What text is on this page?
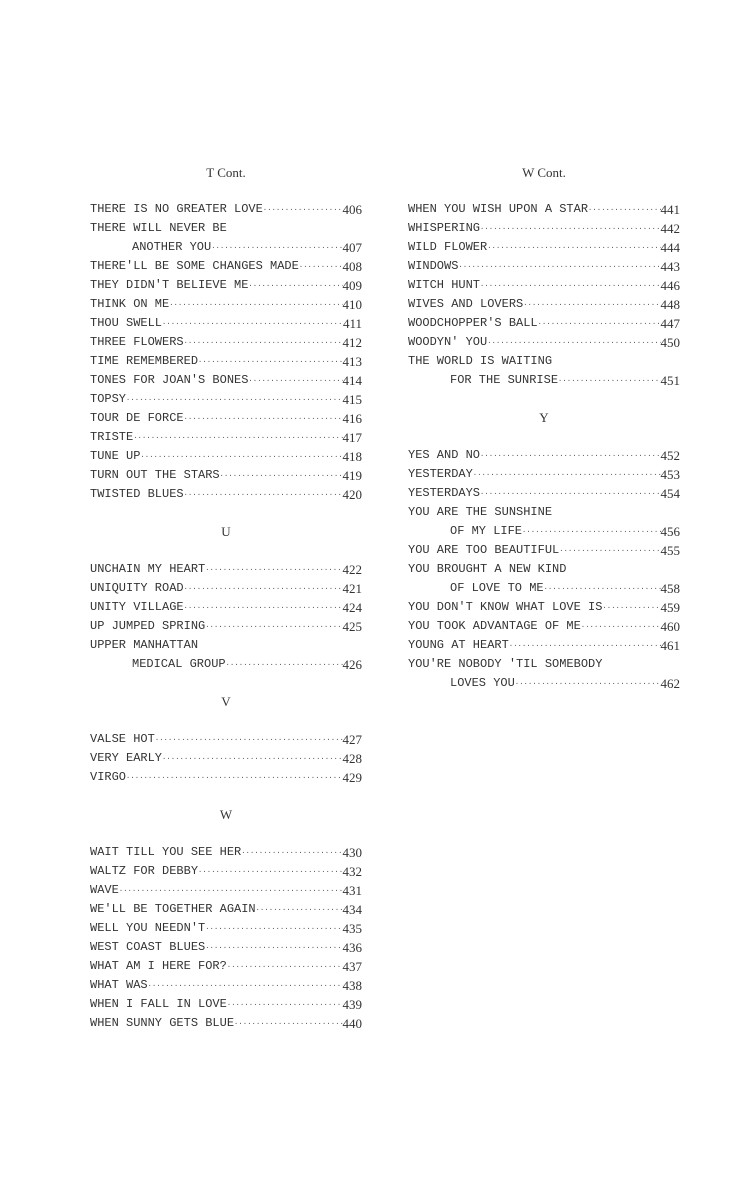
T Cont.
THERE IS NO GREATER LOVE . . .	406
THERE WILL NEVER BE
ANOTHER YOU . . .	407
THERE'LL BE SOME CHANGES MADE . . .	408
THEY DIDN'T BELIEVE ME . . .	409
THINK ON ME . . .	410
THOU SWELL . . .	411
THREE FLOWERS . . .	412
TIME REMEMBERED . . .	413
TONES FOR JOAN'S BONES . . .	414
TOPSY . . .	415
TOUR DE FORCE . . .	416
TRISTE . . .	417
TUNE UP . . .	418
TURN OUT THE STARS . . .	419
TWISTED BLUES . . .	420
U
UNCHAIN MY HEART . . .	422
UNIQUITY ROAD . . .	421
UNITY VILLAGE . . .	424
UP JUMPED SPRING . . .	425
UPPER MANHATTAN
MEDICAL GROUP . . .	426
V
VALSE HOT . . .	427
VERY EARLY . . .	428
VIRGO . . .	429
W
WAIT TILL YOU SEE HER . . .	430
WALTZ FOR DEBBY . . .	432
WAVE . . .	431
WE'LL BE TOGETHER AGAIN . . .	434
WELL YOU NEEDN'T . . .	435
WEST COAST BLUES . . .	436
WHAT AM I HERE FOR? . . .	437
WHAT WAS . . .	438
WHEN I FALL IN LOVE . . .	439
WHEN SUNNY GETS BLUE . . .	440
W Cont.
WHEN YOU WISH UPON A STAR . . .	441
WHISPERING . . .	442
WILD FLOWER . . .	444
WINDOWS . . .	443
WITCH HUNT . . .	446
WIVES AND LOVERS . . .	448
WOODCHOPPER'S BALL . . .	447
WOODYN' YOU . . .	450
THE WORLD IS WAITING
FOR THE SUNRISE . . .	451
Y
YES AND NO . . .	452
YESTERDAY . . .	453
YESTERDAYS . . .	454
YOU ARE THE SUNSHINE
OF MY LIFE . . .	456
YOU ARE TOO BEAUTIFUL . . .	455
YOU BROUGHT A NEW KIND
OF LOVE TO ME . . .	458
YOU DON'T KNOW WHAT LOVE IS . . .	459
YOU TOOK ADVANTAGE OF ME . . .	460
YOUNG AT HEART . . .	461
YOU'RE NOBODY 'TIL SOMEBODY
LOVES YOU . . .	462
